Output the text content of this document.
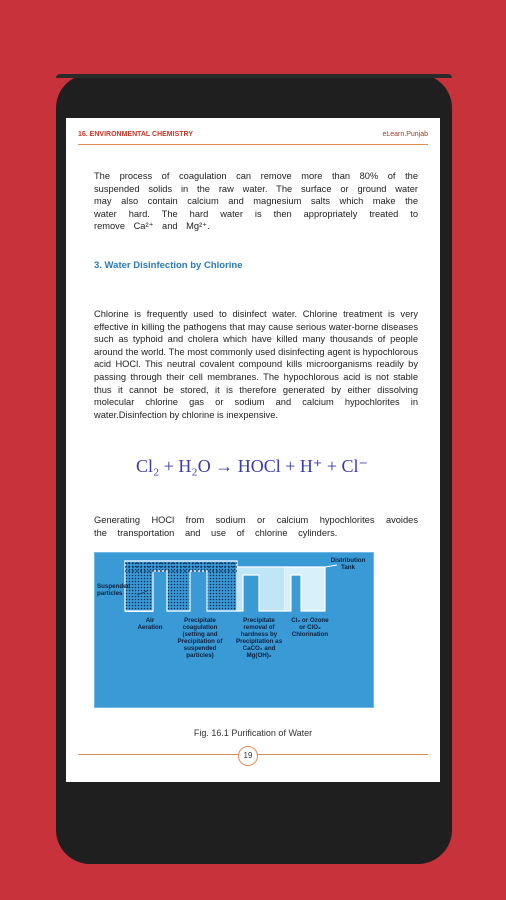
16. ENVIRONMENTAL CHEMISTRY	eLearn.Punjab
The process of coagulation can remove more than 80% of the suspended solids in the raw water. The surface or ground water may also contain calcium and magnesium salts which make the water hard. The hard water is then appropriately treated to remove Ca²⁺ and Mg²⁺.
3. Water Disinfection by Chlorine
Chlorine is frequently used to disinfect water. Chlorine treatment is very effective in killing the pathogens that may cause serious water-borne diseases such as typhoid and cholera which have killed many thousands of people around the world. The most commonly used disinfecting agent is hypochlorous acid HOCl. This neutral covalent compound kills microorganisms readily by passing through their cell membranes. The hypochlorous acid is not stable thus it cannot be stored, it is therefore generated by either dissolving molecular chlorine gas or sodium and calcium hypochlorites in water.Disinfection by chlorine is inexpensive.
Cl₂ + H₂O → HOCl + H⁺ + Cl⁻
Generating HOCl from sodium or calcium hypochlorites avoides the transportation and use of chlorine cylinders.
Suspended particles
Distribution Tank
Air Aeration
Precipitate coagulation (setting and Precipitation of suspended particles)
Precipitate removal of hardness by Precipitation as CaCO₃ and Mg(OH)₂
Cl₂ or Ozone or ClO₂ Chlorination
Fig. 16.1 Purification of Water
19
